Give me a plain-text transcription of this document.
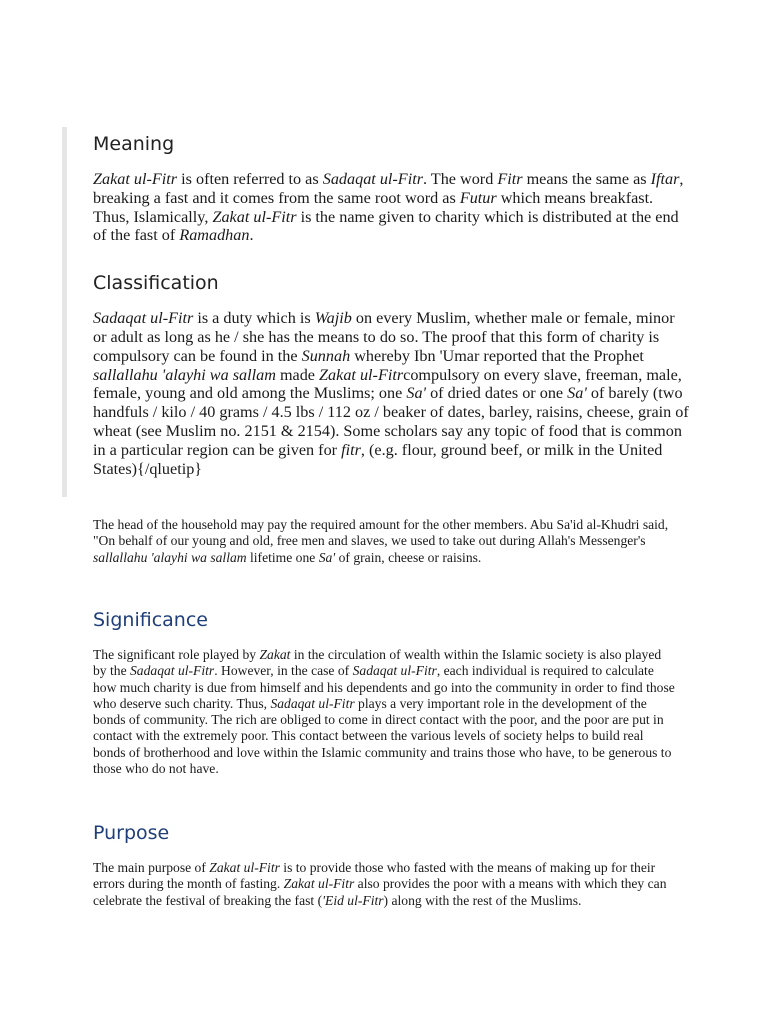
Meaning

Zakat ul-Fitr is often referred to as Sadaqat ul-Fitr. The word Fitr means the same as Iftar, breaking a fast and it comes from the same root word as Futur which means breakfast. Thus, Islamically, Zakat ul-Fitr is the name given to charity which is distributed at the end of the fast of Ramadhan.

Classification

Sadaqat ul-Fitr is a duty which is Wajib on every Muslim, whether male or female, minor or adult as long as he / she has the means to do so. The proof that this form of charity is compulsory can be found in the Sunnah whereby Ibn 'Umar reported that the Prophet sallallahu 'alayhi wa sallam made Zakat ul-Fitrcompulsory on every slave, freeman, male, female, young and old among the Muslims; one Sa' of dried dates or one Sa' of barely (two handfuls / kilo / 40 grams / 4.5 lbs / 112 oz / beaker of dates, barley, raisins, cheese, grain of wheat (see Muslim no. 2151 & 2154). Some scholars say any topic of food that is common in a particular region can be given for fitr, (e.g. flour, ground beef, or milk in the United States){/qluetip}

The head of the household may pay the required amount for the other members. Abu Sa'id al-Khudri said, "On behalf of our young and old, free men and slaves, we used to take out during Allah's Messenger's sallallahu 'alayhi wa sallam lifetime one Sa' of grain, cheese or raisins.

Significance

The significant role played by Zakat in the circulation of wealth within the Islamic society is also played by the Sadaqat ul-Fitr. However, in the case of Sadaqat ul-Fitr, each individual is required to calculate how much charity is due from himself and his dependents and go into the community in order to find those who deserve such charity. Thus, Sadaqat ul-Fitr plays a very important role in the development of the bonds of community. The rich are obliged to come in direct contact with the poor, and the poor are put in contact with the extremely poor. This contact between the various levels of society helps to build real bonds of brotherhood and love within the Islamic community and trains those who have, to be generous to those who do not have.

Purpose

The main purpose of Zakat ul-Fitr is to provide those who fasted with the means of making up for their errors during the month of fasting. Zakat ul-Fitr also provides the poor with a means with which they can celebrate the festival of breaking the fast ('Eid ul-Fitr) along with the rest of the Muslims.
